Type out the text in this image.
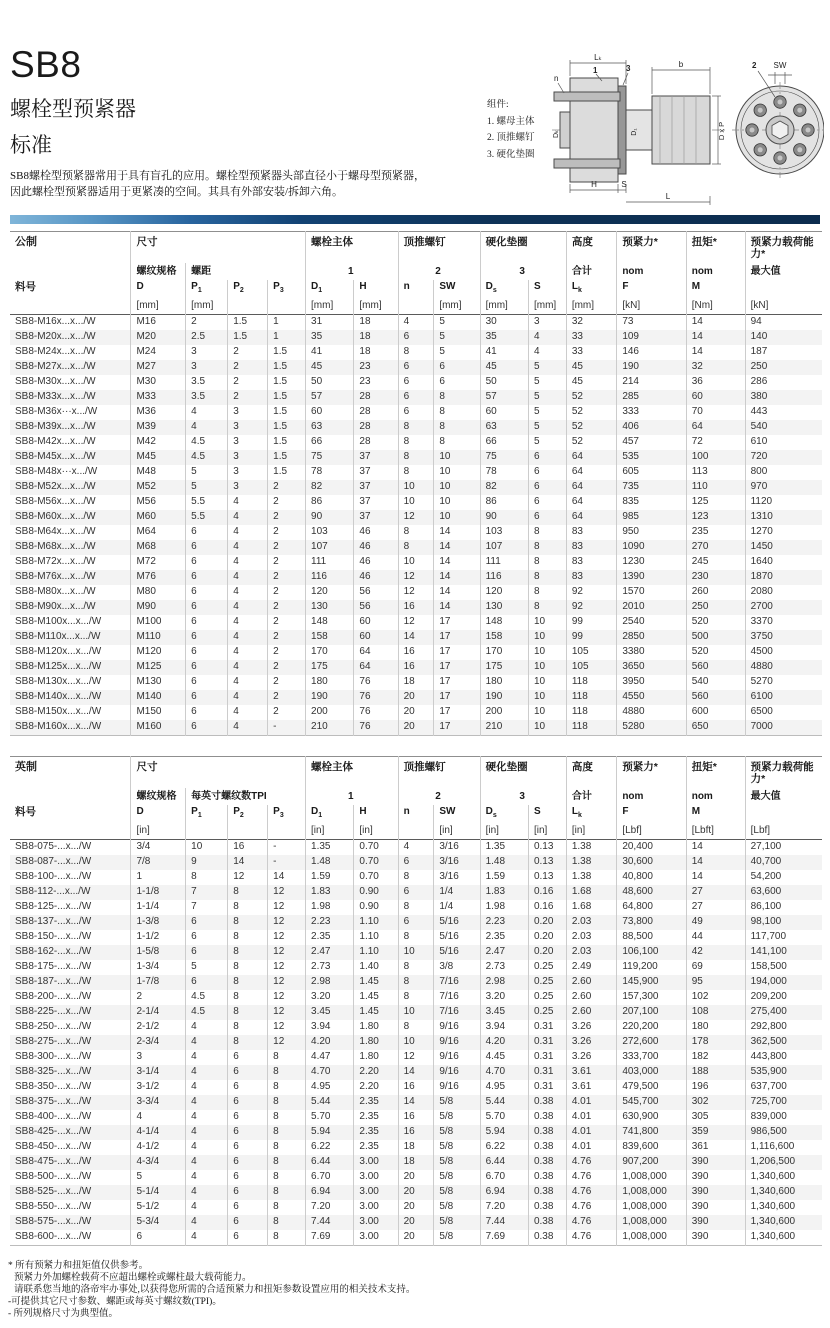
SB8
螺栓型预紧器
标准

SB8螺栓型预紧器常用于具有盲孔的应用。螺栓型预紧器头部直径小于螺母型预紧器，

因此螺栓型预紧器适用于更紧凑的空间。其具有外部安装/拆卸六角。

组件:
1. 螺母主体
2. 顶推螺钉
3. 硬化垫圈
Lₖ
b
n
1	3
Dₖ	D₁	D x P
H	S
L
SW
2
公制	尺寸				螺栓主体		顶推螺钉		硬化垫圈		高度	预紧力*	扭矩*	预紧力载荷能力*
	螺纹规格	螺距			1		2		3		合计	nom	nom	最大值
料号	D	$P_1$	$P_2$	$P_3$	$D_1$	H	n	SW	$D_s$	S	$L_k$	F	M	
	[mm]	[mm]			[mm]	[mm]		[mm]	[mm]	[mm]	[mm]	[kN]	[Nm]	[kN]
SB8-M16x...x.../W	M16	2	1.5	1	31	18	4	5	30	3	32	73	14	94
SB8-M20x...x.../W	M20	2.5	1.5	1	35	18	6	5	35	4	33	109	14	140
SB8-M24x...x.../W	M24	3	2	1.5	41	18	8	5	41	4	33	146	14	187
SB8-M27x...x.../W	M27	3	2	1.5	45	23	6	6	45	5	45	190	32	250
SB8-M30x...x.../W	M30	3.5	2	1.5	50	23	6	6	50	5	45	214	36	286
SB8-M33x...x.../W	M33	3.5	2	1.5	57	28	6	8	57	5	52	285	60	380
SB8-M36x···x.../W	M36	4	3	1.5	60	28	6	8	60	5	52	333	70	443
SB8-M39x...x.../W	M39	4	3	1.5	63	28	8	8	63	5	52	406	64	540
SB8-M42x...x.../W	M42	4.5	3	1.5	66	28	8	8	66	5	52	457	72	610
SB8-M45x...x.../W	M45	4.5	3	1.5	75	37	8	10	75	6	64	535	100	720
SB8-M48x···x.../W	M48	5	3	1.5	78	37	8	10	78	6	64	605	113	800
SB8-M52x...x.../W	M52	5	3	2	82	37	10	10	82	6	64	735	110	970
SB8-M56x...x.../W	M56	5.5	4	2	86	37	10	10	86	6	64	835	125	1120
SB8-M60x...x.../W	M60	5.5	4	2	90	37	12	10	90	6	64	985	123	1310
SB8-M64x...x.../W	M64	6	4	2	103	46	8	14	103	8	83	950	235	1270
SB8-M68x...x.../W	M68	6	4	2	107	46	8	14	107	8	83	1090	270	1450
SB8-M72x...x.../W	M72	6	4	2	111	46	10	14	111	8	83	1230	245	1640
SB8-M76x...x.../W	M76	6	4	2	116	46	12	14	116	8	83	1390	230	1870
SB8-M80x...x.../W	M80	6	4	2	120	56	12	14	120	8	92	1570	260	2080
SB8-M90x...x.../W	M90	6	4	2	130	56	16	14	130	8	92	2010	250	2700
SB8-M100x...x.../W	M100	6	4	2	148	60	12	17	148	10	99	2540	520	3370
SB8-M110x...x.../W	M110	6	4	2	158	60	14	17	158	10	99	2850	500	3750
SB8-M120x...x.../W	M120	6	4	2	170	64	16	17	170	10	105	3380	520	4500
SB8-M125x...x.../W	M125	6	4	2	175	64	16	17	175	10	105	3650	560	4880
SB8-M130x...x.../W	M130	6	4	2	180	76	18	17	180	10	118	3950	540	5270
SB8-M140x...x.../W	M140	6	4	2	190	76	20	17	190	10	118	4550	560	6100
SB8-M150x...x.../W	M150	6	4	2	200	76	20	17	200	10	118	4880	600	6500
SB8-M160x...x.../W	M160	6	4	-	210	76	20	17	210	10	118	5280	650	7000
英制	尺寸				螺栓主体		顶推螺钉		硬化垫圈		高度	预紧力*	扭矩*	预紧力载荷能力*
	螺纹规格	每英寸螺纹数TPI			1		2		3		合计	nom	nom	最大值
料号	D	$P_1$	$P_2$	$P_3$	$D_1$	H	n	SW	$D_s$	S	$L_k$	F	M	
	[in]				[in]	[in]		[in]	[in]	[in]	[in]	[Lbf]	[Lbft]	[Lbf]
SB8-075-...x.../W	3/4	10	16	-	1.35	0.70	4	3/16	1.35	0.13	1.38	20,400	14	27,100
SB8-087-...x.../W	7/8	9	14	-	1.48	0.70	6	3/16	1.48	0.13	1.38	30,600	14	40,700
SB8-100-...x.../W	1	8	12	14	1.59	0.70	8	3/16	1.59	0.13	1.38	40,800	14	54,200
SB8-112-...x.../W	1-1/8	7	8	12	1.83	0.90	6	1/4	1.83	0.16	1.68	48,600	27	63,600
SB8-125-...x.../W	1-1/4	7	8	12	1.98	0.90	8	1/4	1.98	0.16	1.68	64,800	27	86,100
SB8-137-...x.../W	1-3/8	6	8	12	2.23	1.10	6	5/16	2.23	0.20	2.03	73,800	49	98,100
SB8-150-...x.../W	1-1/2	6	8	12	2.35	1.10	8	5/16	2.35	0.20	2.03	88,500	44	117,700
SB8-162-...x.../W	1-5/8	6	8	12	2.47	1.10	10	5/16	2.47	0.20	2.03	106,100	42	141,100
SB8-175-...x.../W	1-3/4	5	8	12	2.73	1.40	8	3/8	2.73	0.25	2.49	119,200	69	158,500
SB8-187-...x.../W	1-7/8	6	8	12	2.98	1.45	8	7/16	2.98	0.25	2.60	145,900	95	194,000
SB8-200-...x.../W	2	4.5	8	12	3.20	1.45	8	7/16	3.20	0.25	2.60	157,300	102	209,200
SB8-225-...x.../W	2-1/4	4.5	8	12	3.45	1.45	10	7/16	3.45	0.25	2.60	207,100	108	275,400
SB8-250-...x.../W	2-1/2	4	8	12	3.94	1.80	8	9/16	3.94	0.31	3.26	220,200	180	292,800
SB8-275-...x.../W	2-3/4	4	8	12	4.20	1.80	10	9/16	4.20	0.31	3.26	272,600	178	362,500
SB8-300-...x.../W	3	4	6	8	4.47	1.80	12	9/16	4.45	0.31	3.26	333,700	182	443,800
SB8-325-...x.../W	3-1/4	4	6	8	4.70	2.20	14	9/16	4.70	0.31	3.61	403,000	188	535,900
SB8-350-...x.../W	3-1/2	4	6	8	4.95	2.20	16	9/16	4.95	0.31	3.61	479,500	196	637,700
SB8-375-...x.../W	3-3/4	4	6	8	5.44	2.35	14	5/8	5.44	0.38	4.01	545,700	302	725,700
SB8-400-...x.../W	4	4	6	8	5.70	2.35	16	5/8	5.70	0.38	4.01	630,900	305	839,000
SB8-425-...x.../W	4-1/4	4	6	8	5.94	2.35	16	5/8	5.94	0.38	4.01	741,800	359	986,500
SB8-450-...x.../W	4-1/2	4	6	8	6.22	2.35	18	5/8	6.22	0.38	4.01	839,600	361	1,116,600
SB8-475-...x.../W	4-3/4	4	6	8	6.44	3.00	18	5/8	6.44	0.38	4.76	907,200	390	1,206,500
SB8-500-...x.../W	5	4	6	8	6.70	3.00	20	5/8	6.70	0.38	4.76	1,008,000	390	1,340,600
SB8-525-...x.../W	5-1/4	4	6	8	6.94	3.00	20	5/8	6.94	0.38	4.76	1,008,000	390	1,340,600
SB8-550-...x.../W	5-1/2	4	6	8	7.20	3.00	20	5/8	7.20	0.38	4.76	1,008,000	390	1,340,600
SB8-575-...x.../W	5-3/4	4	6	8	7.44	3.00	20	5/8	7.44	0.38	4.76	1,008,000	390	1,340,600
SB8-600-...x.../W	6	4	6	8	7.69	3.00	20	5/8	7.69	0.38	4.76	1,008,000	390	1,340,600
* 所有预紧力和扭矩值仅供参考。
预紧力外加螺栓载荷不应超出螺栓或螺柱最大载荷能力。
请联系您当地的洛帝牢办事处,以获得您所需的合适预紧力和扭矩参数设置应用的相关技术支持。
-可提供其它尺寸参数、螺距或每英寸螺纹数(TPI)。
- 所列规格尺寸为典型值。
